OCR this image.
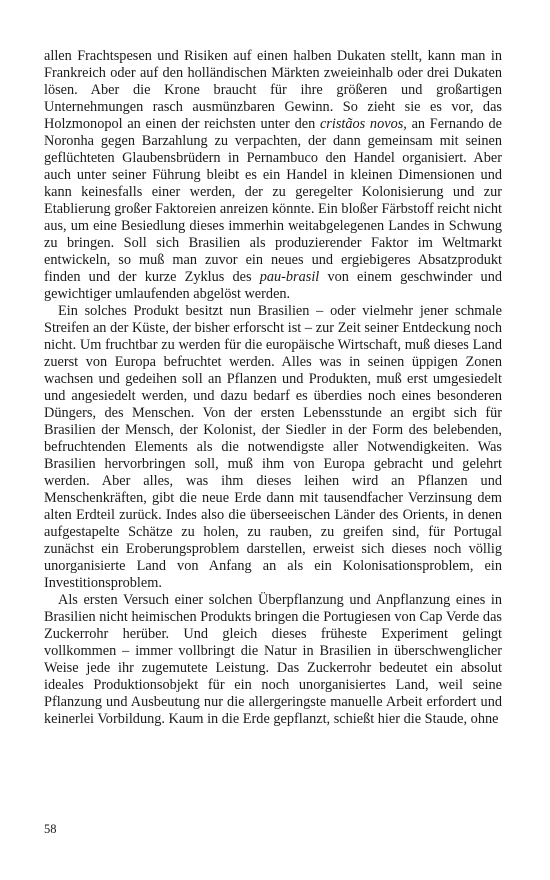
allen Frachtspesen und Risiken auf einen halben Dukaten stellt, kann man in Frankreich oder auf den holländischen Märkten zweieinhalb oder drei Dukaten lösen. Aber die Krone braucht für ihre größeren und großartigen Unternehmungen rasch ausmünzbaren Gewinn. So zieht sie es vor, das Holzmonopol an einen der reichsten unter den cristãos novos, an Fernando de Noronha gegen Barzahlung zu verpachten, der dann gemeinsam mit seinen geflüchteten Glaubensbrüdern in Pernambuco den Handel organisiert. Aber auch unter seiner Führung bleibt es ein Handel in kleinen Dimensionen und kann keinesfalls einer werden, der zu geregelter Kolonisierung und zur Etablierung großer Faktoreien anreizen könnte. Ein bloßer Färbstoff reicht nicht aus, um eine Besiedlung dieses immerhin weitabgelegenen Landes in Schwung zu bringen. Soll sich Brasilien als produzierender Faktor im Weltmarkt entwickeln, so muß man zuvor ein neues und ergiebigeres Absatzprodukt finden und der kurze Zyklus des pau-brasil von einem geschwinder und gewichtiger umlaufenden abgelöst werden.

Ein solches Produkt besitzt nun Brasilien – oder vielmehr jener schmale Streifen an der Küste, der bisher erforscht ist – zur Zeit seiner Entdeckung noch nicht. Um fruchtbar zu werden für die europäische Wirtschaft, muß dieses Land zuerst von Europa befruchtet werden. Alles was in seinen üppigen Zonen wachsen und gedeihen soll an Pflanzen und Produkten, muß erst umgesiedelt und angesiedelt werden, und dazu bedarf es überdies noch eines besonderen Düngers, des Menschen. Von der ersten Lebensstunde an ergibt sich für Brasilien der Mensch, der Kolonist, der Siedler in der Form des belebenden, befruchtenden Elements als die notwendigste aller Notwendigkeiten. Was Brasilien hervorbringen soll, muß ihm von Europa gebracht und gelehrt werden. Aber alles, was ihm dieses leihen wird an Pflanzen und Menschenkräften, gibt die neue Erde dann mit tausendfacher Verzinsung dem alten Erdteil zurück. Indes also die überseeischen Länder des Orients, in denen aufgestapelte Schätze zu holen, zu rauben, zu greifen sind, für Portugal zunächst ein Eroberungsproblem darstellen, erweist sich dieses noch völlig unorganisierte Land von Anfang an als ein Kolonisationsproblem, ein Investitionsproblem.

Als ersten Versuch einer solchen Überpflanzung und Anpflanzung eines in Brasilien nicht heimischen Produkts bringen die Portugiesen von Cap Verde das Zuckerrohr herüber. Und gleich dieses früheste Experiment gelingt vollkommen – immer vollbringt die Natur in Brasilien in überschwenglicher Weise jede ihr zugemutete Leistung. Das Zuckerrohr bedeutet ein absolut ideales Produktionsobjekt für ein noch unorganisiertes Land, weil seine Pflanzung und Ausbeutung nur die allergeringste manuelle Arbeit erfordert und keinerlei Vorbildung. Kaum in die Erde gepflanzt, schießt hier die Staude, ohne

58
